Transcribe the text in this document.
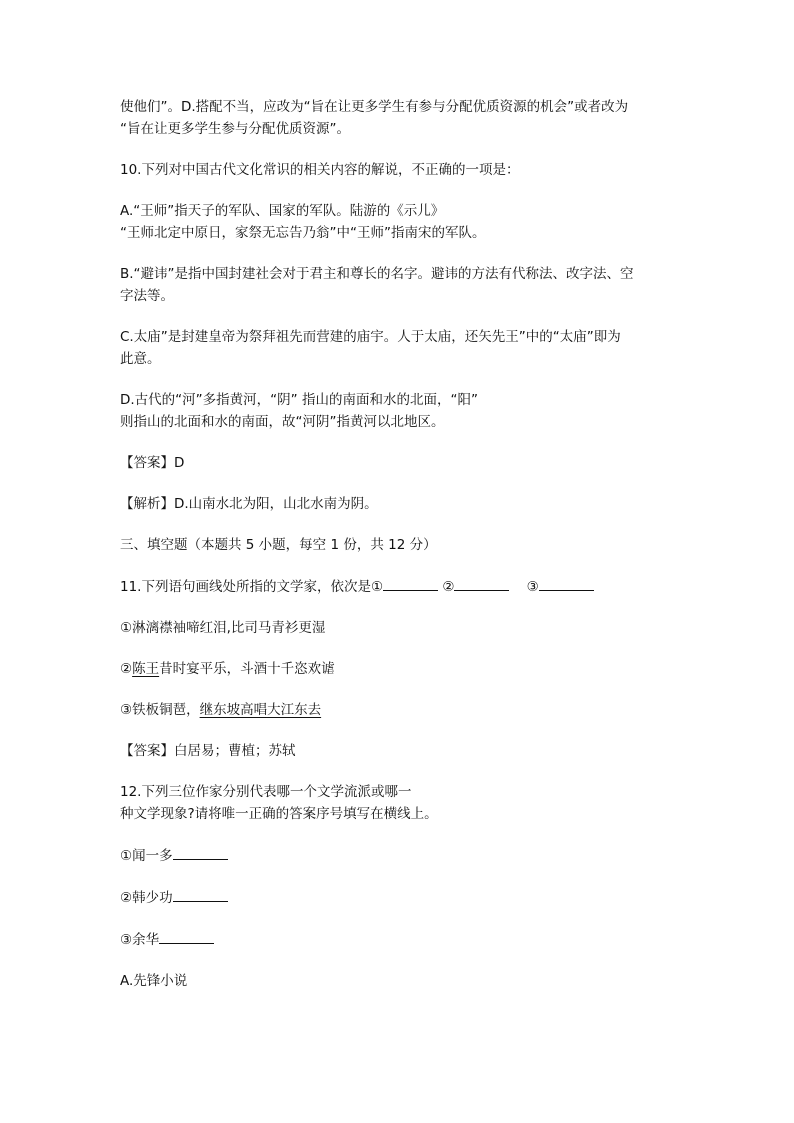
使他们”。D.搭配不当，应改为“旨在让更多学生有参与分配优质资源的机会”或者改为

“旨在让更多学生参与分配优质资源”。

10.下列对中国古代文化常识的相关内容的解说，不正确的一项是：

A.“王师”指天子的军队、国家的军队。陆游的《示儿》

“王师北定中原日，家祭无忘告乃翁”中“王师”指南宋的军队。

B.“避讳”是指中国封建社会对于君主和尊长的名字。避讳的方法有代称法、改字法、空

字法等。

C.太庙”是封建皇帝为祭拜祖先而营建的庙宇。人于太庙，还矢先王”中的“太庙”即为

此意。

D.古代的“河”多指黄河，“阴” 指山的南面和水的北面，“阳”

则指山的北面和水的南面，故“河阴”指黄河以北地区。

【答案】D

【解析】D.山南水北为阳，山北水南为阴。

三、填空题（本题共 5 小题，每空 1 份，共 12 分）

11.下列语句画线处所指的文学家，依次是①	②	③

①淋漓襟袖啼红泪,比司马青衫更湿

②陈王昔时宴平乐，斗酒十千恣欢谑

③铁板铜琶，继东坡高唱大江东去

【答案】白居易；曹植；苏轼

12.下列三位作家分别代表哪一个文学流派或哪一

种文学现象?请将唯一正确的答案序号填写在横线上。

①闻一多

②韩少功

③余华

A.先锋小说
